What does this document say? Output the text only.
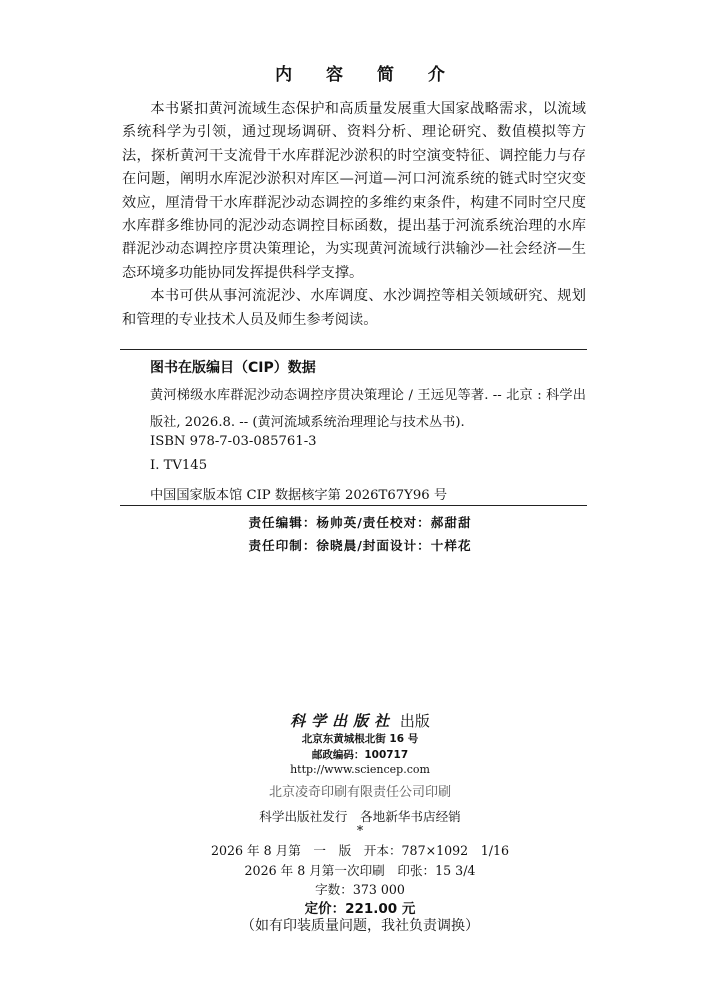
内 容 简 介

本书紧扣黄河流域生态保护和高质量发展重大国家战略需求，以流域系统科学为引领，通过现场调研、资料分析、理论研究、数值模拟等方法，探析黄河干支流骨干水库群泥沙淤积的时空演变特征、调控能力与存在问题，阐明水库泥沙淤积对库区—河道—河口河流系统的链式时空灾变效应，厘清骨干水库群泥沙动态调控的多维约束条件，构建不同时空尺度水库群多维协同的泥沙动态调控目标函数，提出基于河流系统治理的水库群泥沙动态调控序贯决策理论，为实现黄河流域行洪输沙—社会经济—生态环境多功能协同发挥提供科学支撑。

本书可供从事河流泥沙、水库调度、水沙调控等相关领域研究、规划和管理的专业技术人员及师生参考阅读。

图书在版编目（CIP）数据
黄河梯级水库群泥沙动态调控序贯决策理论 / 王远见等著. -- 北京 : 科学出版社, 2026.8. -- (黄河流域系统治理理论与技术丛书).
ISBN 978-7-03-085761-3
Ⅰ. TV145
中国国家版本馆 CIP 数据核字第 2026T67Y96 号
责任编辑：杨帅英/责任校对：郝甜甜
责任印制：徐晓晨/封面设计：十样花
科学出版社 出版
北京东黄城根北街 16 号
邮政编码：100717
http://www.sciencep.com
北京凌奇印刷有限责任公司印刷
科学出版社发行　各地新华书店经销
*
2026 年 8 月第　一　版　开本：787×1092　1/16
2026 年 8 月第一次印刷　印张：15 3/4
字数：373 000
定价：221.00 元
（如有印装质量问题，我社负责调换）
